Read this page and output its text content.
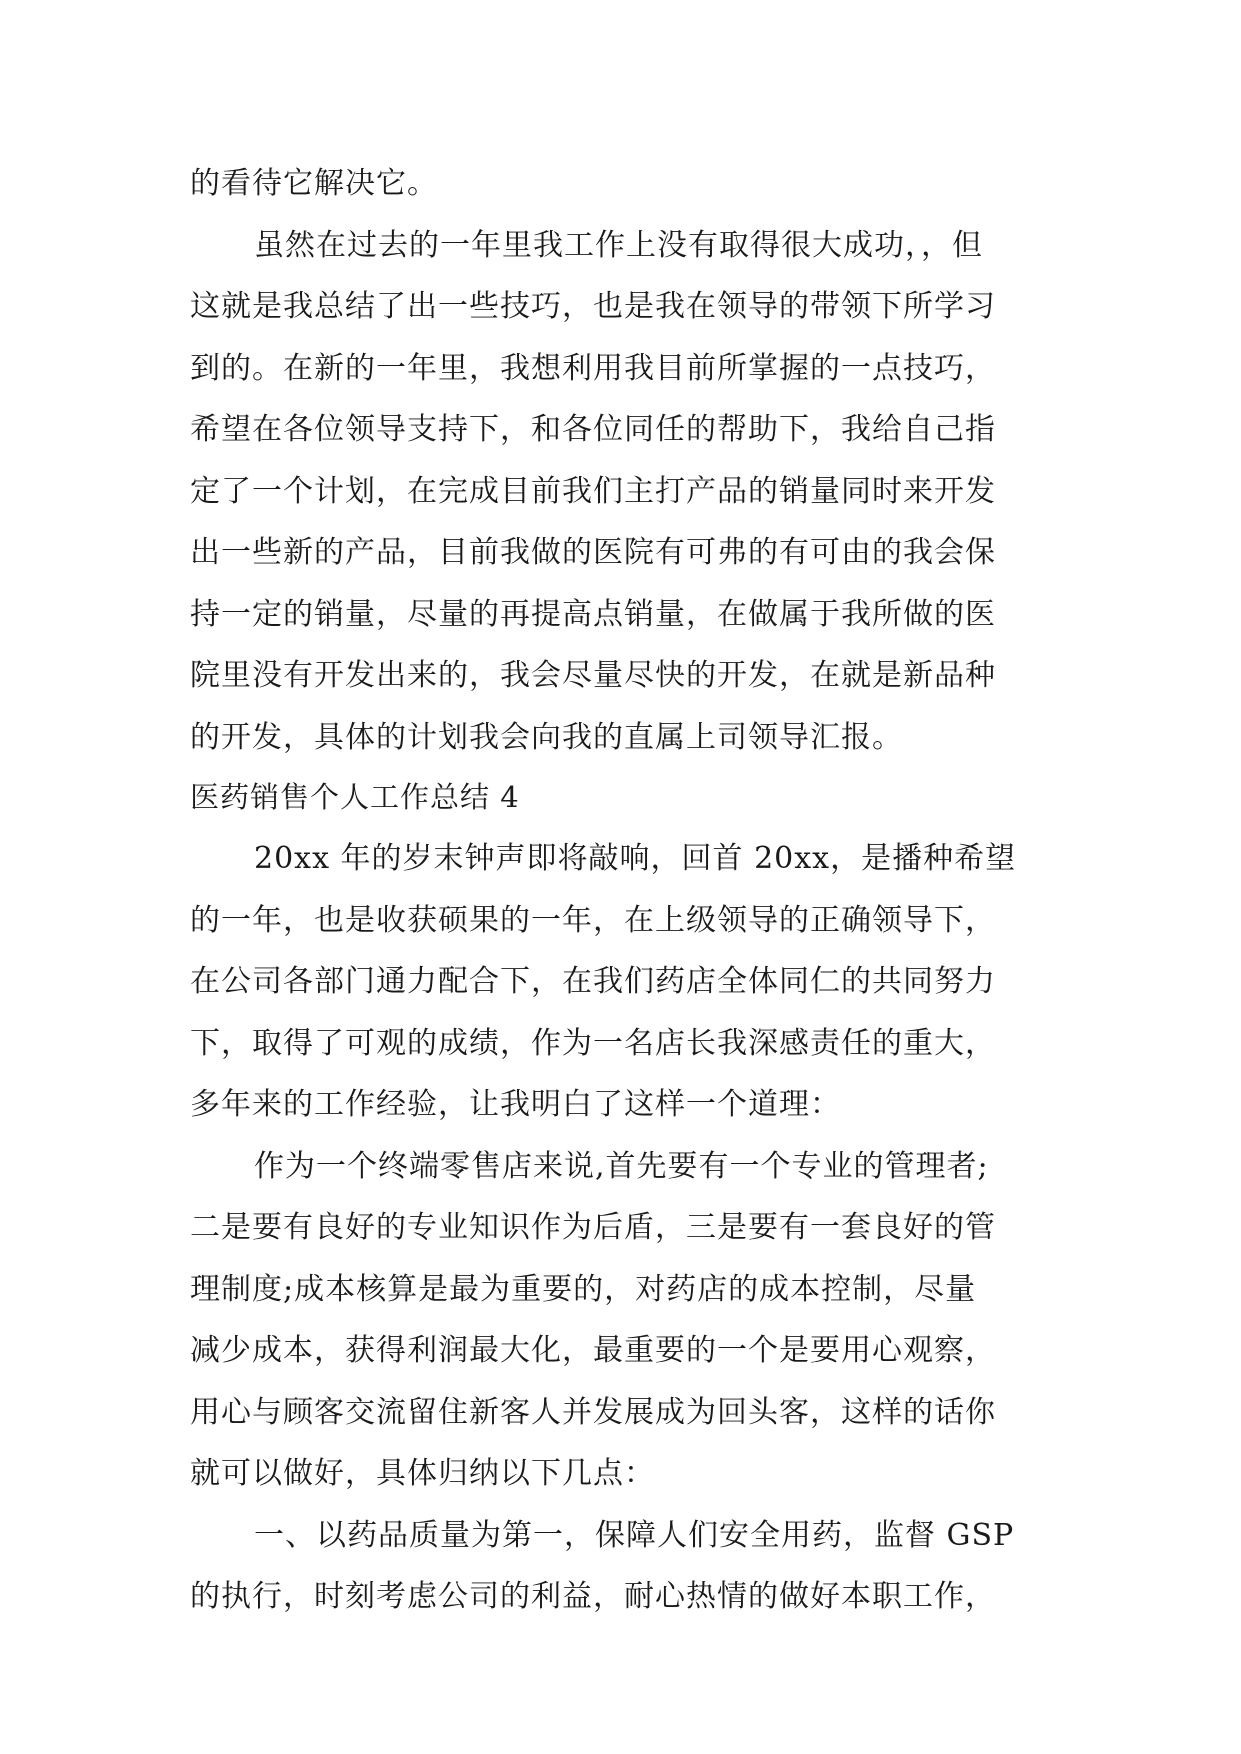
的看待它解决它。
虽然在过去的一年里我工作上没有取得很大成功，，但
这就是我总结了出一些技巧，也是我在领导的带领下所学习
到的。在新的一年里，我想利用我目前所掌握的一点技巧，
希望在各位领导支持下，和各位同任的帮助下，我给自己指
定了一个计划，在完成目前我们主打产品的销量同时来开发
出一些新的产品，目前我做的医院有可弗的有可由的我会保
持一定的销量，尽量的再提高点销量，在做属于我所做的医
院里没有开发出来的，我会尽量尽快的开发，在就是新品种
的开发，具体的计划我会向我的直属上司领导汇报。
医药销售个人工作总结 4
20xx 年的岁末钟声即将敲响，回首 20xx，是播种希望
的一年，也是收获硕果的一年，在上级领导的正确领导下，
在公司各部门通力配合下，在我们药店全体同仁的共同努力
下，取得了可观的成绩，作为一名店长我深感责任的重大，
多年来的工作经验，让我明白了这样一个道理：
作为一个终端零售店来说,首先要有一个专业的管理者;
二是要有良好的专业知识作为后盾，三是要有一套良好的管
理制度;成本核算是最为重要的，对药店的成本控制，尽量
减少成本，获得利润最大化，最重要的一个是要用心观察，
用心与顾客交流留住新客人并发展成为回头客，这样的话你
就可以做好，具体归纳以下几点：
一、以药品质量为第一，保障人们安全用药，监督 GSP
的执行，时刻考虑公司的利益，耐心热情的做好本职工作，
